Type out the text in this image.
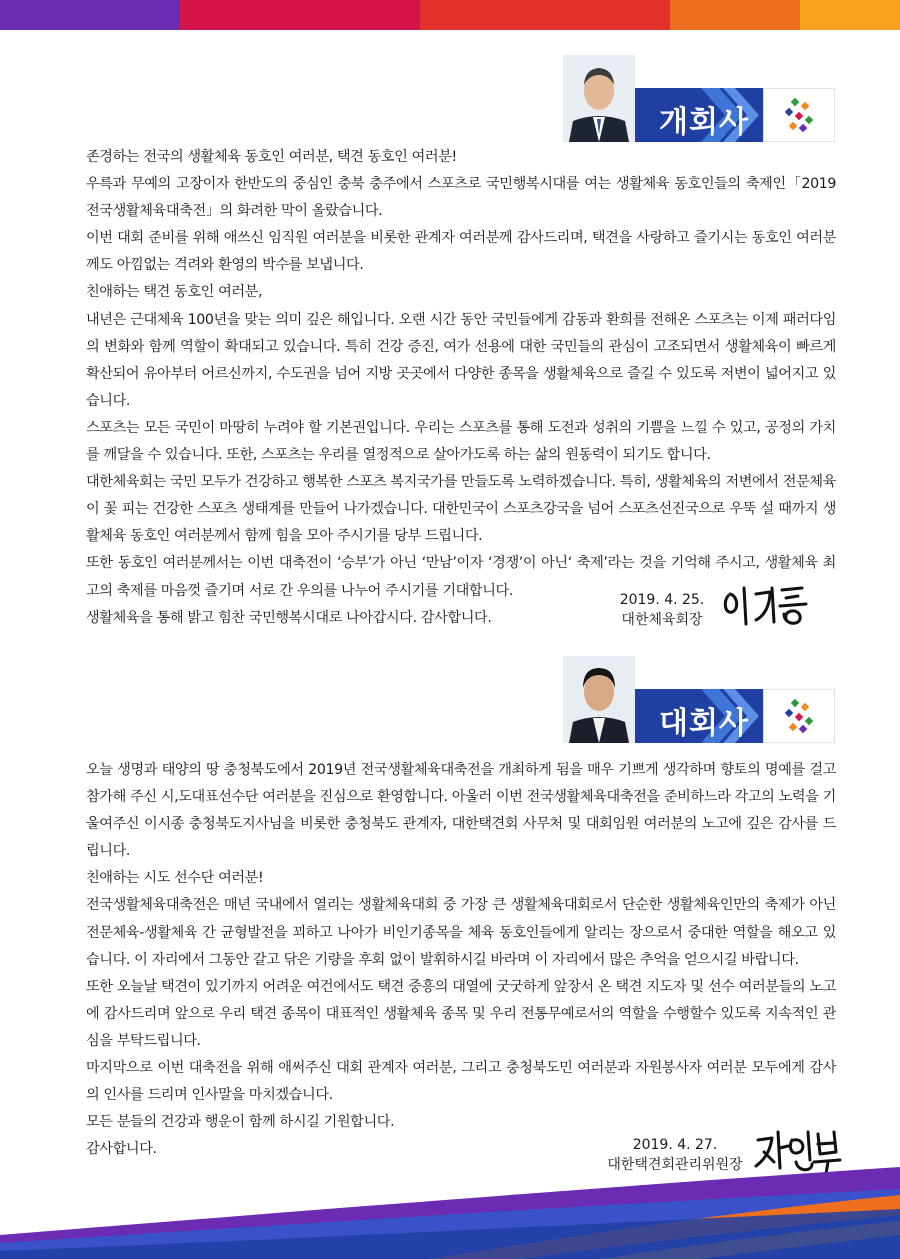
개회사

존경하는 전국의 생활체육 동호인 여러분, 택견 동호인 여러분!

우륵과 무예의 고장이자 한반도의 중심인 충북 충주에서 스포츠로 국민행복시대를 여는 생활체육 동호인들의 축제인「2019 전국생활체육대축전」의 화려한 막이 올랐습니다.

이번 대회 준비를 위해 애쓰신 임직원 여러분을 비롯한 관계자 여러분께 감사드리며, 택견을 사랑하고 즐기시는 동호인 여러분께도 아낌없는 격려와 환영의 박수를 보냅니다.

친애하는 택견 동호인 여러분,

내년은 근대체육 100년을 맞는 의미 깊은 해입니다. 오랜 시간 동안 국민들에게 감동과 환희를 전해온 스포츠는 이제 패러다임의 변화와 함께 역할이 확대되고 있습니다. 특히 건강 증진, 여가 선용에 대한 국민들의 관심이 고조되면서 생활체육이 빠르게 확산되어 유아부터 어르신까지, 수도권을 넘어 지방 곳곳에서 다양한 종목을 생활체육으로 즐길 수 있도록 저변이 넓어지고 있습니다.

스포츠는 모든 국민이 마땅히 누려야 할 기본권입니다. 우리는 스포츠를 통해 도전과 성취의 기쁨을 느낄 수 있고, 공정의 가치를 깨달을 수 있습니다. 또한, 스포츠는 우리를 열정적으로 살아가도록 하는 삶의 원동력이 되기도 합니다.

대한체육회는 국민 모두가 건강하고 행복한 스포츠 복지국가를 만들도록 노력하겠습니다. 특히, 생활체육의 저변에서 전문체육이 꽃 피는 건강한 스포츠 생태계를 만들어 나가겠습니다. 대한민국이 스포츠강국을 넘어 스포츠선진국으로 우뚝 설 때까지 생활체육 동호인 여러분께서 함께 힘을 모아 주시기를 당부 드립니다.

또한 동호인 여러분께서는 이번 대축전이 ‘승부’가 아닌 ‘만남’이자 ‘경쟁’이 아닌‘ 축제’라는 것을 기억해 주시고, 생활체육 최고의 축제를 마음껏 즐기며 서로 간 우의를 나누어 주시기를 기대합니다.

생활체육을 통해 밝고 힘찬 국민행복시대로 나아갑시다. 감사합니다.

2019. 4. 25.
대한체육회장
대회사

오늘 생명과 태양의 땅 충청북도에서 2019년 전국생활체육대축전을 개최하게 됨을 매우 기쁘게 생각하며 향토의 명예를 걸고 참가해 주신 시,도대표선수단 여러분을 진심으로 환영합니다. 아울러 이번 전국생활체육대축전을 준비하느라 각고의 노력을 기울여주신 이시종 충청북도지사님을 비롯한 충청북도 관계자, 대한택견회 사무처 및 대회임원 여러분의 노고에 깊은 감사를 드립니다.

친애하는 시도 선수단 여러분!

전국생활체육대축전은 매년 국내에서 열리는 생활체육대회 중 가장 큰 생활체육대회로서 단순한 생활체육인만의 축제가 아닌 전문체육-생활체육 간 균형발전을 꾀하고 나아가 비인기종목을 체육 동호인들에게 알리는 장으로서 중대한 역할을 해오고 있습니다. 이 자리에서 그동안 갈고 닦은 기량을 후회 없이 발휘하시길 바라며 이 자리에서 많은 추억을 얻으시길 바랍니다.

또한 오늘날 택견이 있기까지 어려운 여건에서도 택견 중흥의 대열에 굿굿하게 앞장서 온 택견 지도자 및 선수 여러분들의 노고에 감사드리며 앞으로 우리 택견 종목이 대표적인 생활체육 종목 및 우리 전통무예로서의 역할을 수행할수 있도록 지속적인 관심을 부탁드립니다.

마지막으로 이번 대축전을 위해 애써주신 대회 관계자 여러분, 그리고 충청북도민 여러분과 자원봉사자 여러분 모두에게 감사의 인사를 드리며 인사말을 마치겠습니다.

모든 분들의 건강과 행운이 함께 하시길 기원합니다.

감사합니다.	2019. 4. 27.
대한택견회관리위원장
